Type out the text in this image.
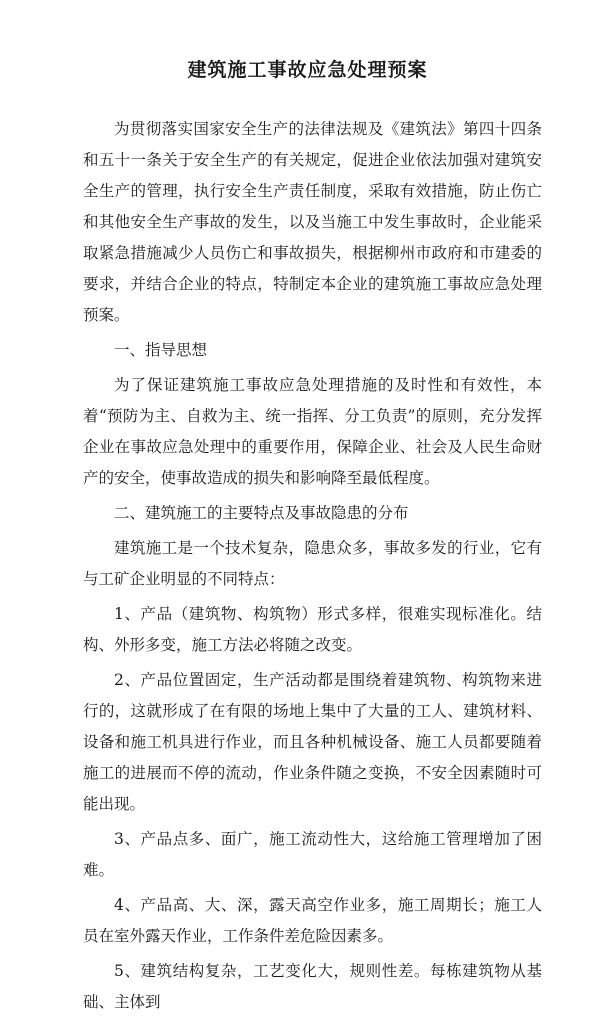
建筑施工事故应急处理预案

为贯彻落实国家安全生产的法律法规及《建筑法》第四十四条和五十一条关于安全生产的有关规定，促进企业依法加强对建筑安全生产的管理，执行安全生产责任制度，采取有效措施，防止伤亡和其他安全生产事故的发生，以及当施工中发生事故时，企业能采取紧急措施减少人员伤亡和事故损失，根据柳州市政府和市建委的要求，并结合企业的特点，特制定本企业的建筑施工事故应急处理预案。

一、指导思想

为了保证建筑施工事故应急处理措施的及时性和有效性，本着“预防为主、自救为主、统一指挥、分工负责”的原则，充分发挥企业在事故应急处理中的重要作用，保障企业、社会及人民生命财产的安全，使事故造成的损失和影响降至最低程度。

二、建筑施工的主要特点及事故隐患的分布

建筑施工是一个技术复杂，隐患众多，事故多发的行业，它有与工矿企业明显的不同特点：

1、产品（建筑物、构筑物）形式多样，很难实现标准化。结构、外形多变，施工方法必将随之改变。

2、产品位置固定，生产活动都是围绕着建筑物、构筑物来进行的，这就形成了在有限的场地上集中了大量的工人、建筑材料、设备和施工机具进行作业，而且各种机械设备、施工人员都要随着施工的进展而不停的流动，作业条件随之变换，不安全因素随时可能出现。

3、产品点多、面广，施工流动性大，这给施工管理增加了困难。

4、产品高、大、深，露天高空作业多，施工周期长；施工人员在室外露天作业，工作条件差危险因素多。

5、建筑结构复杂，工艺变化大，规则性差。每栋建筑物从基础、主体到
